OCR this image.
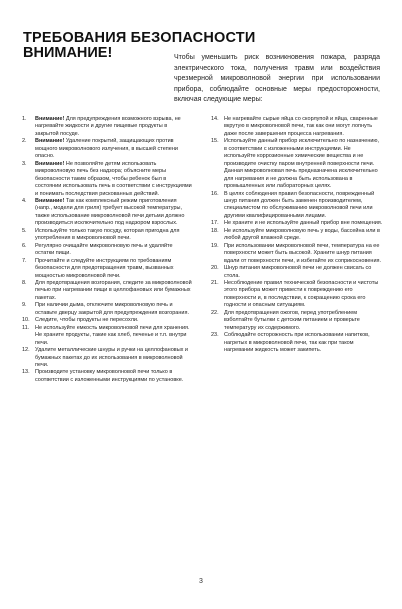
ТРЕБОВАНИЯ БЕЗОПАСНОСТИ
ВНИМАНИЕ!	Чтобы уменьшить риск возникновения пожара, разряда электрического тока, получения травм или воздействия чрезмерной микроволновой энергии при использовании прибора, соблюдайте основные меры предосторожности, включая следующие меры:
1.	Внимание! Для предупреждения возможного взрыва, не нагревайте жидкости и другие пищевые продукты в закрытой посуде.
2.	Внимание! Удаление покрытий, защищающих против мощного микроволнового излучения, в высшей степени опасно.
3.	Внимание! Не позволяйте детям использовать микроволновую печь без надзора; объясните меры безопасности таким образом, чтобы ребенок был в состоянии использовать печь в соответствии с инструкциями и понимать последствия рискованных действий.
4.	Внимание! Так как комплексный режим приготовления (напр., модели для гриля) требует высокой температуры, также использование микроволновой печи детьми должно производиться исключительно под надзором взрослых.
5.	Используйте только такую посуду, которая пригодна для употребления в микроволновой печи.
6.	Регулярно очищайте микроволновую печь и удаляйте остатки пищи.
7.	Прочитайте и следуйте инструкциям по требованиям безопасности для предотвращения травм, вызванных мощностью микроволновой печи.
8.	Для предотвращения возгорания, следите за микроволновой печью при нагревании пищи в целлофановых или бумажных пакетах.
9.	При наличии дыма, отключите микроволновую печь и оставьте дверцу закрытой для предупреждения возгорания.
10. Следите, чтобы продукты не пересохли.
11.	Не используйте емкость микроволновой печи для хранения. Не храните продукты, такие как хлеб, печенье и т.п. внутри печи.
12. Удалите металлические шнуры и ручки на целлофановых и бумажных пакетах до их использования в микроволновой печи.
13. Производите установку микроволновой печи только в соответствии с изложенными инструкциями по установке.
14. Не нагревайте сырые яйца со скорлупой и яйца, сваренные вкрутую в микроволновой печи, так как они могут лопнуть даже после завершения процесса нагревания.
15. Используйте данный прибор исключительно по назначению, в соответствии с изложенными инструкциями. Не используйте коррозионные химические вещества и не производите очистку паром внутренней поверхности печи. Данная микроволновая печь предназначена исключительно для нагревания и не должна быть использована в промышленных или лабораторных целях.
16. В целях соблюдения правил безопасности, поврежденный шнур питания должен быть заменен производителем, специалистом по обслуживанию микроволновой печи или другими квалифицированными лицами.
17. Не храните и не используйте данный прибор вне помещения.
18. Не используйте микроволновую печь у воды, бассейна или в любой другой влажной среде.
19. При использовании микроволновой печи, температура на ее поверхности может быть высокой. Храните шнур питания вдали от поверхности печи, и избегайте их соприкосновения.
20. Шнур питания микроволновой печи не должен свисать со стола.
21. Несоблюдение правил технической безопасности и чистоты этого прибора может привести к повреждению его поверхности и, в последствии, к сокращению срока его годности и опасным ситуациям.
22. Для предотвращения ожогов, перед употреблением взболтайте бутылки с детским питанием и проверьте температуру их содержимого.
23. Соблюдайте осторожность при использовании напитков, нагретых в микроволновой печи, так как при таком нагревании жидкость может закипеть.
3
